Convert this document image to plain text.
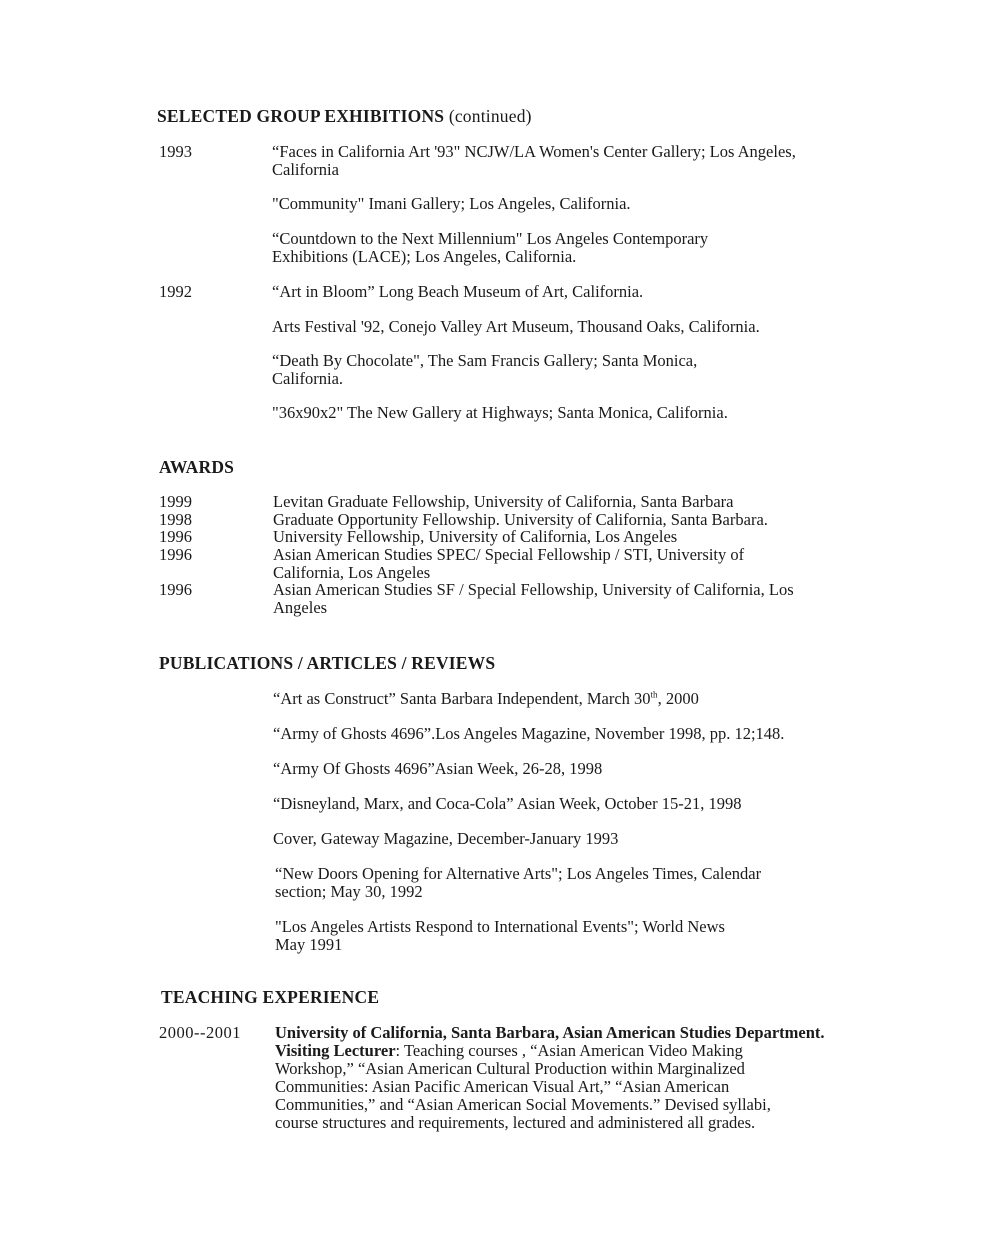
SELECTED GROUP EXHIBITIONS (continued)
1993	“Faces in California Art '93" NCJW/LA Women's Center Gallery; Los Angeles,
California
"Community" Imani Gallery; Los Angeles, California.
“Countdown to the Next Millennium" Los Angeles Contemporary
Exhibitions (LACE); Los Angeles, California.
1992	“Art in Bloom” Long Beach Museum of Art, California.
Arts Festival '92, Conejo Valley Art Museum, Thousand Oaks, California.
“Death By Chocolate", The Sam Francis Gallery; Santa Monica,
California.
"36x90x2" The New Gallery at Highways; Santa Monica, California.
AWARDS
1999	Levitan Graduate Fellowship, University of California, Santa Barbara
1998	Graduate Opportunity Fellowship. University of California, Santa Barbara.
1996	University Fellowship, University of California, Los Angeles
1996	Asian American Studies SPEC/ Special Fellowship / STI, University of
California, Los Angeles
1996	Asian American Studies SF / Special Fellowship, University of California, Los
Angeles
PUBLICATIONS / ARTICLES / REVIEWS
“Art as Construct” Santa Barbara Independent, March 30th, 2000
“Army of Ghosts 4696”.Los Angeles Magazine, November 1998, pp. 12;148.
“Army Of Ghosts 4696”Asian Week, 26-28, 1998
“Disneyland, Marx, and Coca-Cola” Asian Week, October 15-21, 1998
Cover, Gateway Magazine, December-January 1993
“New Doors Opening for Alternative Arts"; Los Angeles Times, Calendar
section; May 30, 1992
"Los Angeles Artists Respond to International Events"; World News
May 1991
TEACHING EXPERIENCE
2000--2001 University of California, Santa Barbara, Asian American Studies Department.
Visiting Lecturer: Teaching courses , “Asian American Video Making
Workshop,” “Asian American Cultural Production within Marginalized
Communities: Asian Pacific American Visual Art,” “Asian American
Communities,” and “Asian American Social Movements.” Devised syllabi,
course structures and requirements, lectured and administered all grades.
